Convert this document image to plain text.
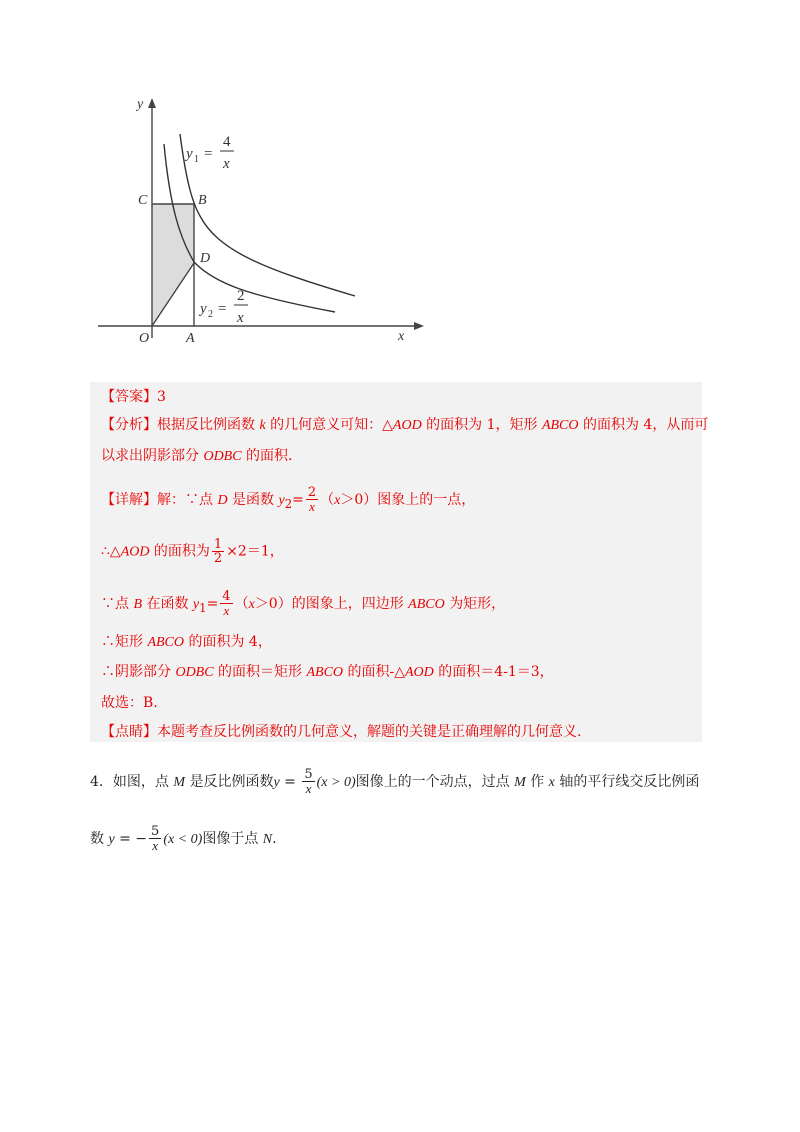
y
x
O	A
B
C
D
y 1 =
4
x
y 2 =
2
x
【答案】3
【分析】根据反比例函数 k 的几何意义可知：△AOD 的面积为 1，矩形 ABCO 的面积为 4，从而可
以求出阴影部分 ODBC 的面积.
【详解】解：∵点 D 是函数 $y_2= \frac{2}{x} (x>0)$图象上的一点，
∴△AOD 的面积为 $\frac{1}{2} \times 2=1$，
∵点 B 在函数 $y_1= \frac{4}{x} (x>0)$的图象上，四边形 ABCO 为矩形，
∴矩形 ABCO 的面积为 4，
∴阴影部分 ODBC 的面积＝矩形 ABCO 的面积-△AOD 的面积＝4-1＝3，
故选：B.
【点睛】本题考查反比例函数的几何意义，解题的关键是正确理解的几何意义.
4．如图，点 M 是反比例函数$y = \frac{5}{x} (x > 0)$图像上的一个动点，过点 M 作 x 轴的平行线交反比例函
数 y = − $\frac{5}{x} (x < 0)$图像于点 N.
